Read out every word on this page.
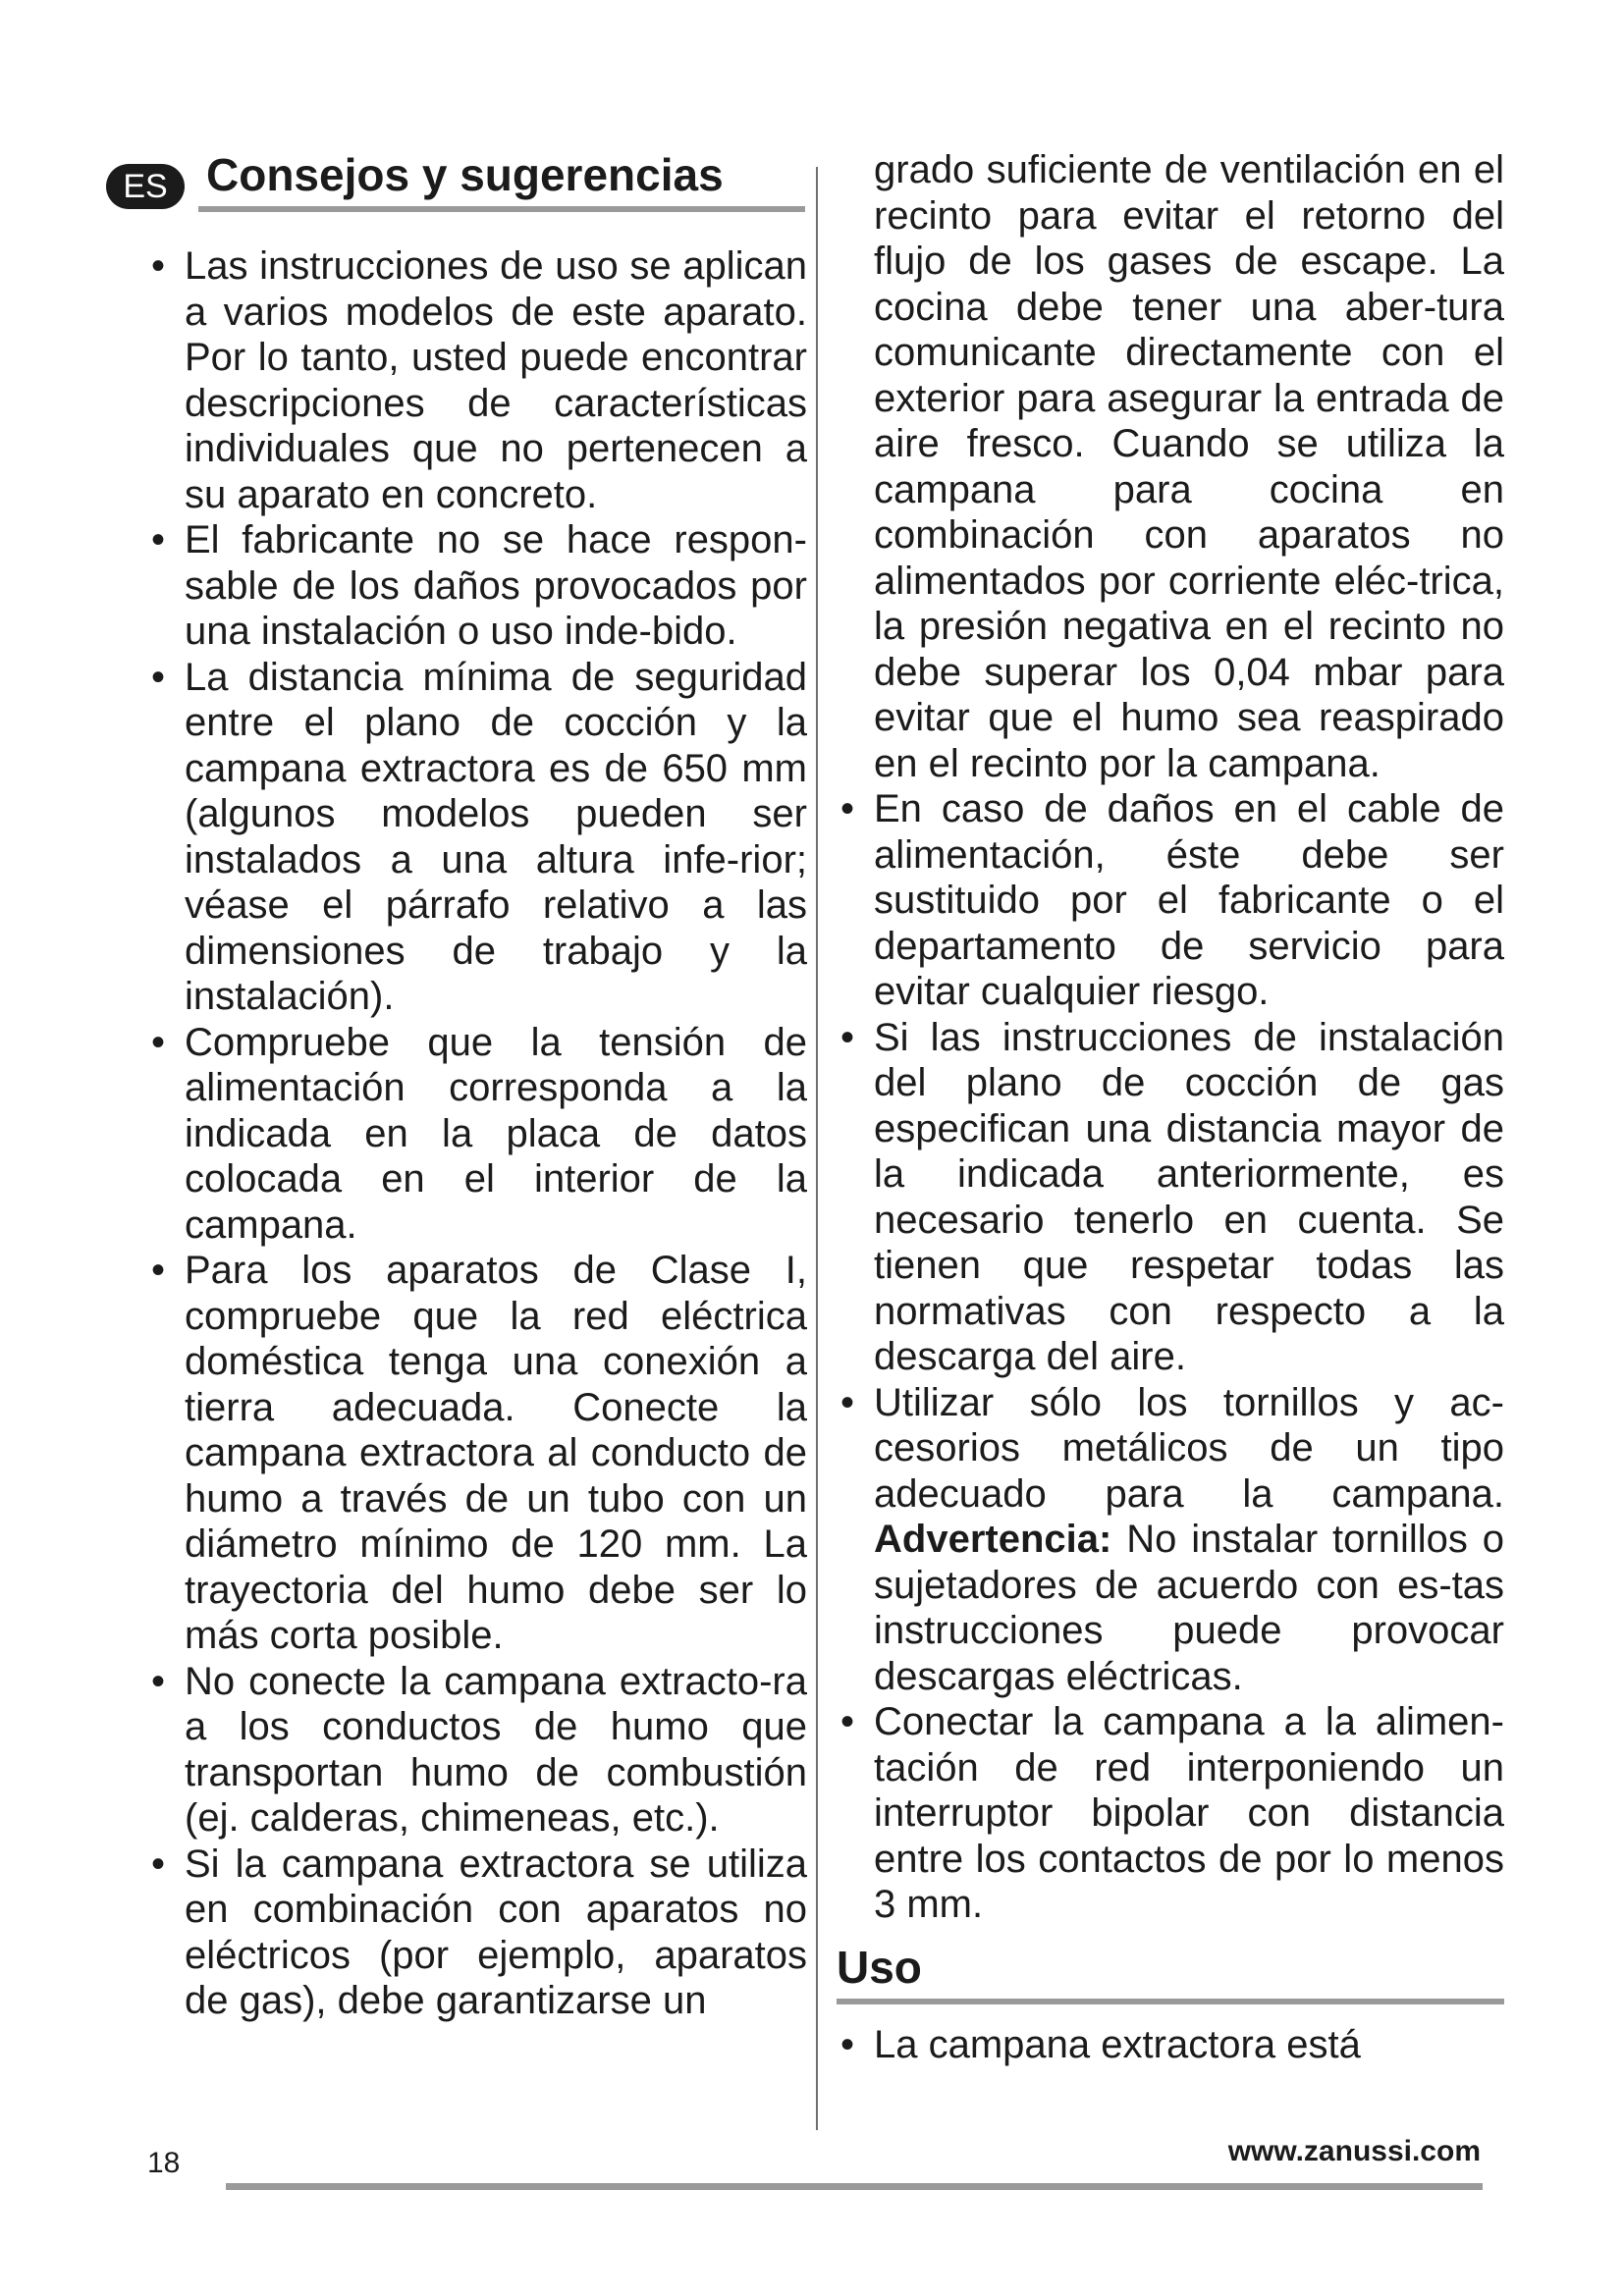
ES Consejos y sugerencias
• Las instrucciones de uso se aplican a varios modelos de este aparato. Por lo tanto, usted puede encontrar descripciones de características individuales que no pertenecen a su aparato en concreto.
• El fabricante no se hace respon-sable de los daños provocados por una instalación o uso inde-bido.
• La distancia mínima de seguridad entre el plano de cocción y la campana extractora es de 650 mm (algunos modelos pueden ser instalados a una altura infe-rior; véase el párrafo relativo a las dimensiones de trabajo y la instalación).
• Compruebe que la tensión de alimentación corresponda a la indicada en la placa de datos colocada en el interior de la campana.
• Para los aparatos de Clase I, compruebe que la red eléctrica doméstica tenga una conexión a tierra adecuada. Conecte la campana extractora al conducto de humo a través de un tubo con un diámetro mínimo de 120 mm. La trayectoria del humo debe ser lo más corta posible.
• No conecte la campana extracto-ra a los conductos de humo que transportan humo de combustión (ej. calderas, chimeneas, etc.).
• Si la campana extractora se utiliza en combinación con aparatos no eléctricos (por ejemplo, aparatos de gas), debe garantizarse un

grado suficiente de ventilación en el recinto para evitar el retorno del flujo de los gases de escape. La cocina debe tener una aber-tura comunicante directamente con el exterior para asegurar la entrada de aire fresco. Cuando se utiliza la campana para cocina en combinación con aparatos no alimentados por corriente eléc-trica, la presión negativa en el recinto no debe superar los 0,04 mbar para evitar que el humo sea reaspirado en el recinto por la campana.

• En caso de daños en el cable de alimentación, éste debe ser sustituido por el fabricante o el departamento de servicio para evitar cualquier riesgo.
• Si las instrucciones de instalación del plano de cocción de gas especifican una distancia mayor de la indicada anteriormente, es necesario tenerlo en cuenta. Se tienen que respetar todas las normativas con respecto a la descarga del aire.
• Utilizar sólo los tornillos y ac-cesorios metálicos de un tipo adecuado para la campana. Advertencia: No instalar tornillos o sujetadores de acuerdo con es-tas instrucciones puede provocar descargas eléctricas.
• Conectar la campana a la alimen-tación de red interponiendo un interruptor bipolar con distancia entre los contactos de por lo menos 3 mm.
Uso
• La campana extractora está
18	www.zanussi.com
